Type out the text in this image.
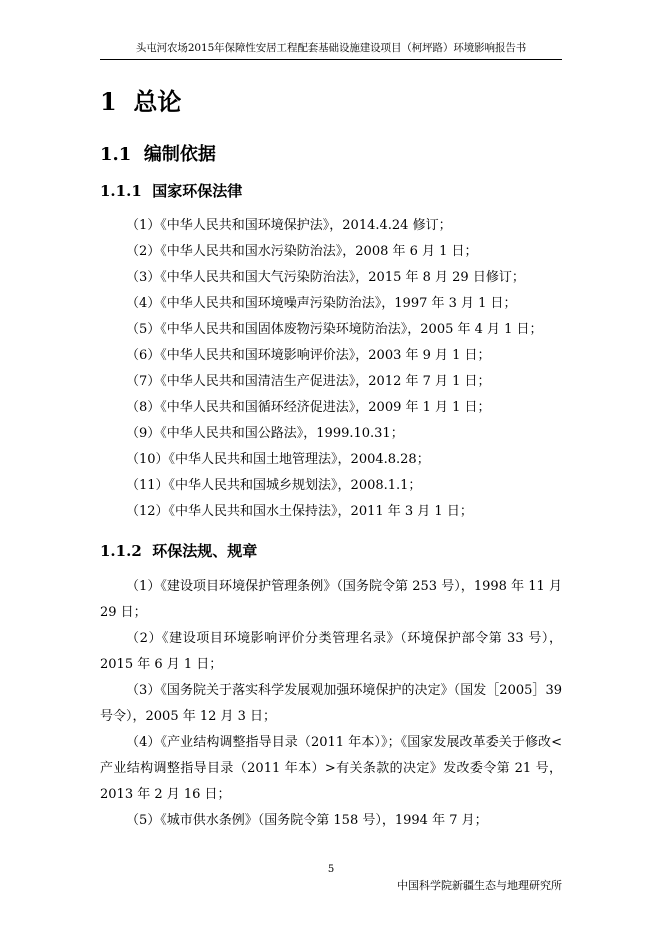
头屯河农场2015年保障性安居工程配套基础设施建设项目（柯坪路）环境影响报告书
1 总论
1.1 编制依据
1.1.1 国家环保法律
（1）《中华人民共和国环境保护法》，2014.4.24 修订；
（2）《中华人民共和国水污染防治法》，2008 年 6 月 1 日；
（3）《中华人民共和国大气污染防治法》，2015 年 8 月 29 日修订；
（4）《中华人民共和国环境噪声污染防治法》，1997 年 3 月 1 日；
（5）《中华人民共和国固体废物污染环境防治法》，2005 年 4 月 1 日；
（6）《中华人民共和国环境影响评价法》，2003 年 9 月 1 日；
（7）《中华人民共和国清洁生产促进法》，2012 年 7 月 1 日；
（8）《中华人民共和国循环经济促进法》，2009 年 1 月 1 日；
（9）《中华人民共和国公路法》，1999.10.31；
（10）《中华人民共和国土地管理法》，2004.8.28；
（11）《中华人民共和国城乡规划法》，2008.1.1；
（12）《中华人民共和国水土保持法》，2011 年 3 月 1 日；
1.1.2 环保法规、规章
（1）《建设项目环境保护管理条例》（国务院令第 253 号），1998 年 11 月 29 日；
（2）《建设项目环境影响评价分类管理名录》（环境保护部令第 33 号），2015 年 6 月 1 日；
（3）《国务院关于落实科学发展观加强环境保护的决定》（国发［2005］39 号令），2005 年 12 月 3 日；
（4）《产业结构调整指导目录（2011 年本）》；《国家发展改革委关于修改<产业结构调整指导目录（2011 年本）>有关条款的决定》发改委令第 21 号，2013 年 2 月 16 日；
（5）《城市供水条例》（国务院令第 158 号），1994 年 7 月；
5
中国科学院新疆生态与地理研究所
